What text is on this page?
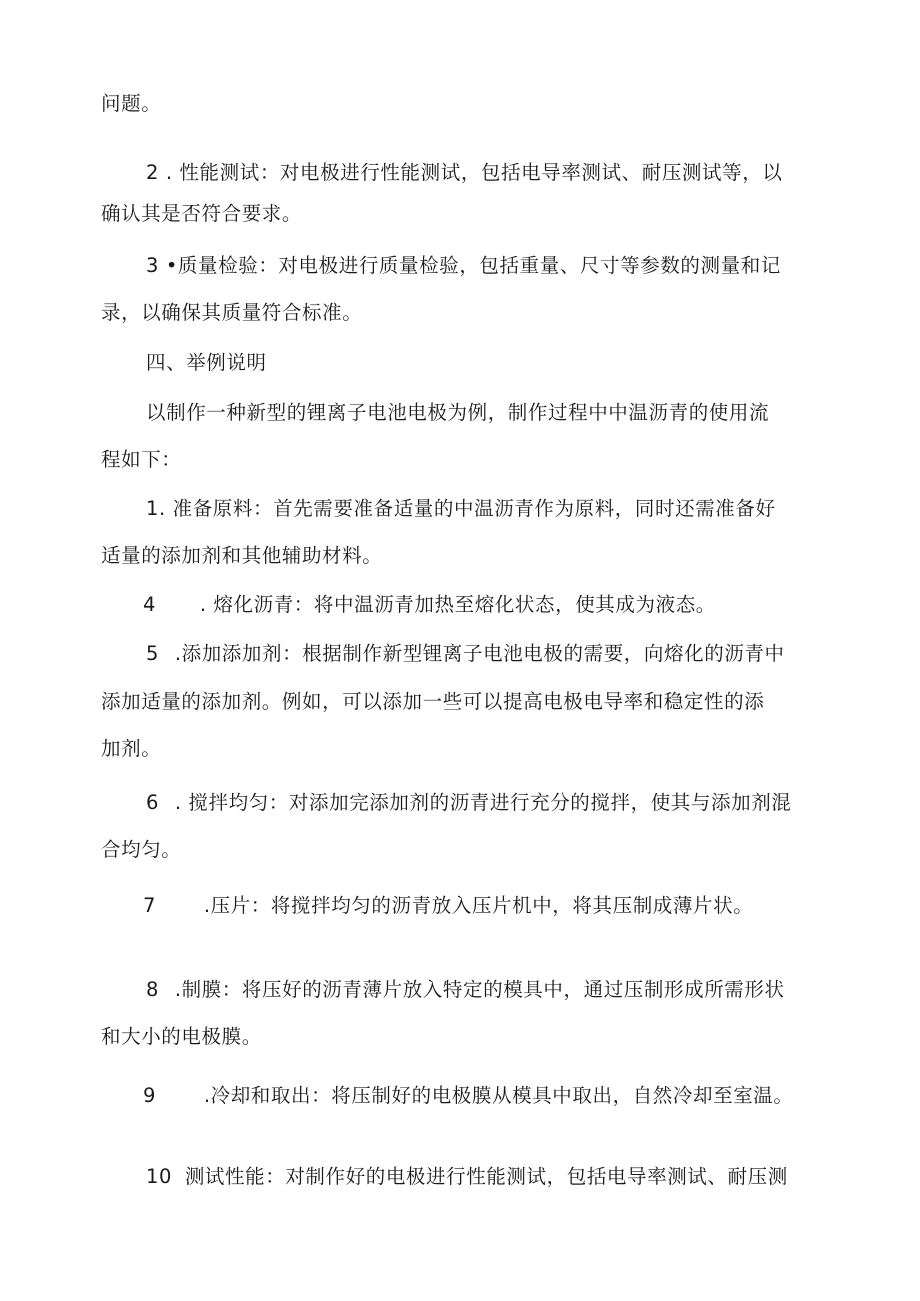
问题。
2 . 性能测试：对电极进行性能测试，包括电导率测试、耐压测试等，以
确认其是否符合要求。
3 •质量检验：对电极进行质量检验，包括重量、尺寸等参数的测量和记
录，以确保其质量符合标准。
四、举例说明
以制作一种新型的锂离子电池电极为例，制作过程中中温沥青的使用流
程如下：
1. 准备原料：首先需要准备适量的中温沥青作为原料，同时还需准备好
适量的添加剂和其他辅助材料。
4 . 熔化沥青：将中温沥青加热至熔化状态，使其成为液态。
5 .添加添加剂：根据制作新型锂离子电池电极的需要，向熔化的沥青中
添加适量的添加剂。例如，可以添加一些可以提高电极电导率和稳定性的添
加剂。
6 . 搅拌均匀：对添加完添加剂的沥青进行充分的搅拌，使其与添加剂混
合均匀。
7 .压片：将搅拌均匀的沥青放入压片机中，将其压制成薄片状。
8 .制膜：将压好的沥青薄片放入特定的模具中，通过压制形成所需形状
和大小的电极膜。
9 .冷却和取出：将压制好的电极膜从模具中取出，自然冷却至室温。
10 测试性能：对制作好的电极进行性能测试，包括电导率测试、耐压测
